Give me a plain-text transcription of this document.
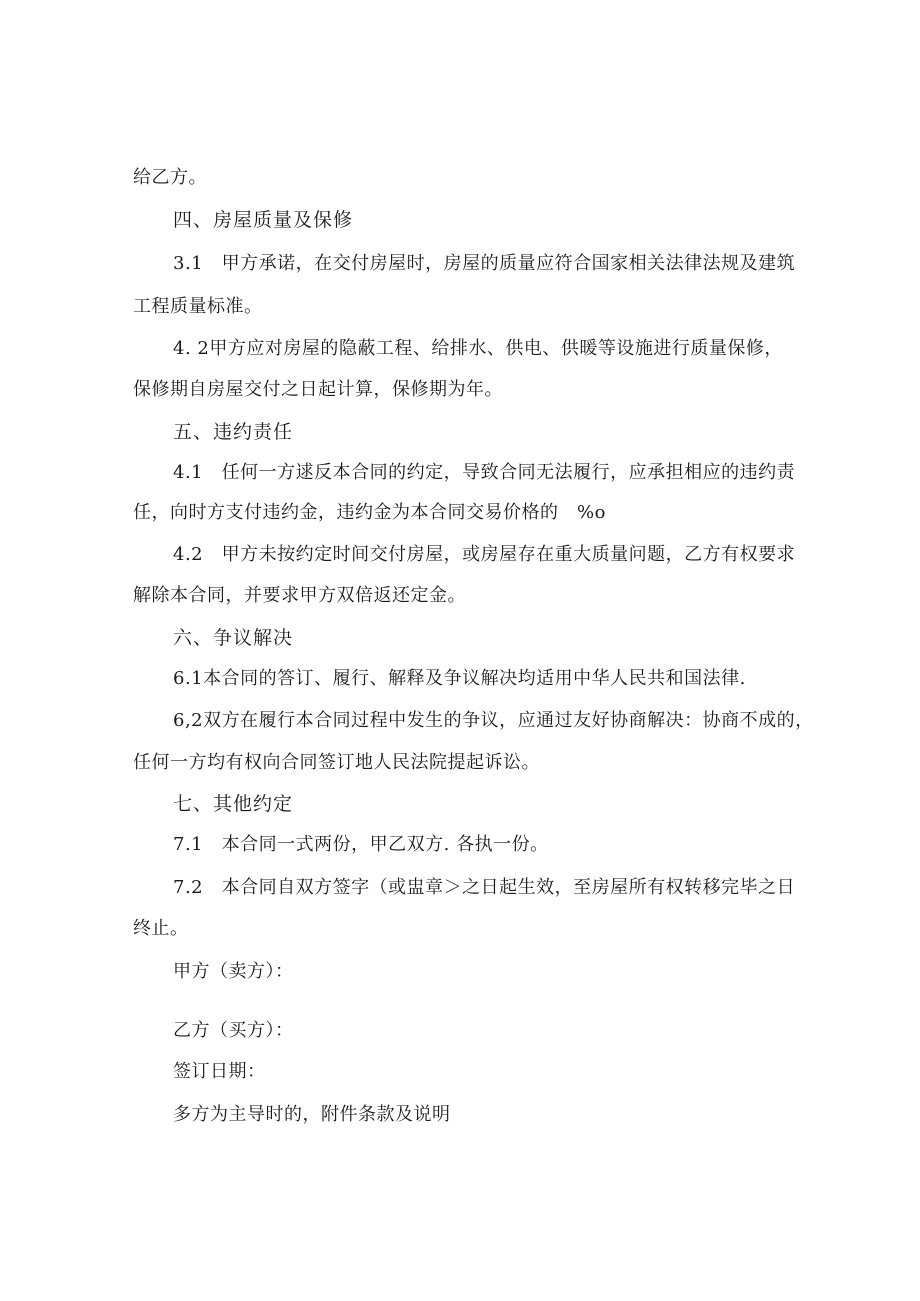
给乙方。
四、房屋质量及保修
3.1　甲方承诺，在交付房屋时，房屋的质量应符合国家相关法律法规及建筑
工程质量标准。
4. 2甲方应对房屋的隐蔽工程、给排水、供电、供暖等设施进行质量保修，
保修期自房屋交付之日起计算，保修期为年。
五、违约责任
4.1　任何一方逑反本合同的约定，导致合同无法履行，应承担相应的违约责
任，向时方支付违约金，违约金为本合同交易价格的　%o
4.2　甲方未按约定时间交付房屋，或房屋存在重大质量问题，乙方有权要求
解除本合同，并要求甲方双倍返还定金。
六、争议解决
6.1本合同的答订、履行、解释及争议解决均适用中华人民共和国法律.
6,2双方在履行本合同过程中发生的争议，应通过友好协商解决：协商不成的，
任何一方均有权向合同签订地人民法院提起诉讼。
七、其他约定
7.1　本合同一式两份，甲乙双方. 各执一份。
7.2　本合同自双方签字（或盅章＞之日起生效，至房屋所有权转移完毕之日
终止。
甲方（卖方）：
乙方（买方）：
签订日期：
多方为主导时的，附件条款及说明
